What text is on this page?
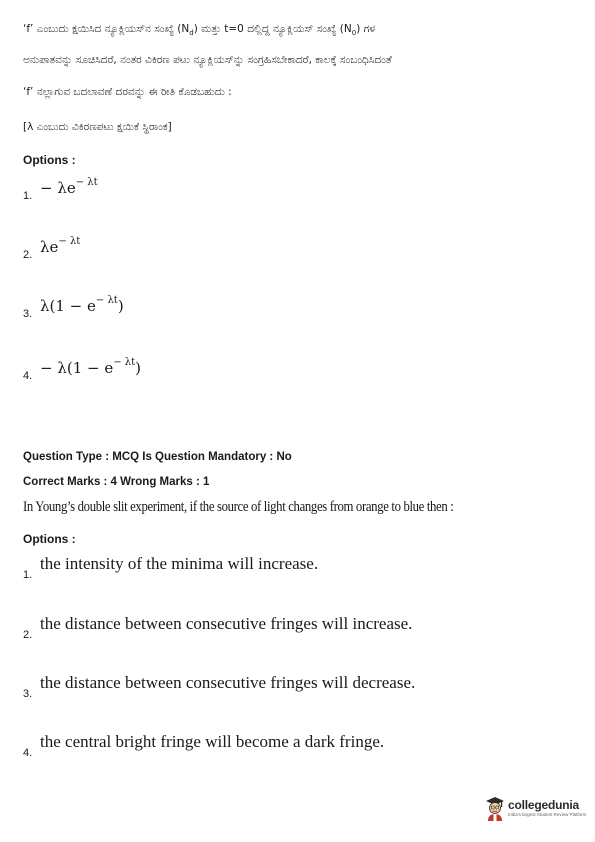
‘f’ ಎಂಬುದು ಕ್ಷಯಿಸಿದ ನ್ಯೂಕ್ಲಿಯಸ್‌ನ ಸಂಖ್ಯೆ $(N_d)$ ಮತ್ತು t=0 ದಲ್ಲಿದ್ದ ನ್ಯೂಕ್ಲಿಯಸ್ ಸಂಖ್ಯೆ $(N_0)$ ಗಳ
ಅನುಪಾತವನ್ನು ಸೂಚಿಸಿದರೆ, ನಂತರ ವಿಕಿರಣ ಪಟು ನ್ಯೂಕ್ಲಿಯಸ್‌ನ್ನು ಸಂಗ್ರಹಿಸಬೇಕಾದರೆ, ಕಾಲಕ್ಕೆ ಸಂಬಂಧಿಸಿದಂತೆ
‘f’ ನಲ್ಲಾಗುವ ಬದಲಾವಣೆ ದರವನ್ನು ಈ ರೀತಿ ಕೊಡಬಹುದು :
[λ ಎಂಬುದು ವಿಕಿರಣಪಟು ಕ್ಷಯಿಕೆ ಸ್ಥಿರಾಂಕ]
Options :
1. − $\lambda e^{- \lambda t}$
2. $\lambda e^{- \lambda t}$
3. $\lambda(1 - e^{- \lambda t})$
4. − $\lambda(1 - e^{- \lambda t})$
Question Type : MCQ Is Question Mandatory : No
Correct Marks : 4 Wrong Marks : 1
In Young’s double slit experiment, if the source of light changes from orange to blue then :
Options :
1.
the intensity of the minima will increase.
2.
the distance between consecutive fringes will increase.
3.
the distance between consecutive fringes will decrease.
4.
the central bright fringe will become a dark fringe.
collegedunia
India's largest Student Review Platform
